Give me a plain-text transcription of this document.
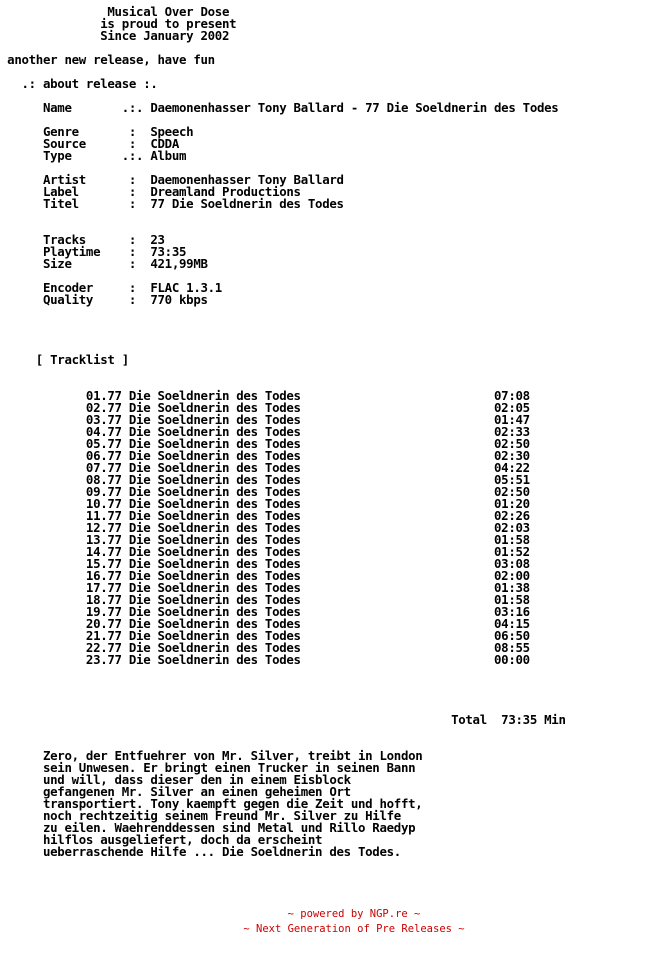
Musical Over Dose
is proud to present
Since January 2002
another new release, have fun
.: about release :.
Name       .:. Daemonenhasser Tony Ballard - 77 Die Soeldnerin des Todes
Genre       :  Speech
Source      :  CDDA
Type       .:. Album
Artist      :  Daemonenhasser Tony Ballard
Label       :  Dreamland Productions
Titel       :  77 Die Soeldnerin des Todes
Tracks      :  23
Playtime    :  73:35
Size        :  421,99MB
Encoder     :  FLAC 1.3.1
Quality     :  770 kbps
[ Tracklist ]
01.77 Die Soeldnerin des Todes                           07:08
02.77 Die Soeldnerin des Todes                           02:05
03.77 Die Soeldnerin des Todes                           01:47
04.77 Die Soeldnerin des Todes                           02:33
05.77 Die Soeldnerin des Todes                           02:50
06.77 Die Soeldnerin des Todes                           02:30
07.77 Die Soeldnerin des Todes                           04:22
08.77 Die Soeldnerin des Todes                           05:51
09.77 Die Soeldnerin des Todes                           02:50
10.77 Die Soeldnerin des Todes                           01:20
11.77 Die Soeldnerin des Todes                           02:26
12.77 Die Soeldnerin des Todes                           02:03
13.77 Die Soeldnerin des Todes                           01:58
14.77 Die Soeldnerin des Todes                           01:52
15.77 Die Soeldnerin des Todes                           03:08
16.77 Die Soeldnerin des Todes                           02:00
17.77 Die Soeldnerin des Todes                           01:38
18.77 Die Soeldnerin des Todes                           01:58
19.77 Die Soeldnerin des Todes                           03:16
20.77 Die Soeldnerin des Todes                           04:15
21.77 Die Soeldnerin des Todes                           06:50
22.77 Die Soeldnerin des Todes                           08:55
23.77 Die Soeldnerin des Todes                           00:00
Total  73:35 Min
Zero, der Entfuehrer von Mr. Silver, treibt in London
sein Unwesen. Er bringt einen Trucker in seinen Bann
und will, dass dieser den in einem Eisblock
gefangenen Mr. Silver an einen geheimen Ort
transportiert. Tony kaempft gegen die Zeit und hofft,
noch rechtzeitig seinem Freund Mr. Silver zu Hilfe
zu eilen. Waehrenddessen sind Metal und Rillo Raedyp
hilflos ausgeliefert, doch da erscheint
ueberraschende Hilfe ... Die Soeldnerin des Todes.
~ powered by NGP.re ~
~ Next Generation of Pre Releases ~
